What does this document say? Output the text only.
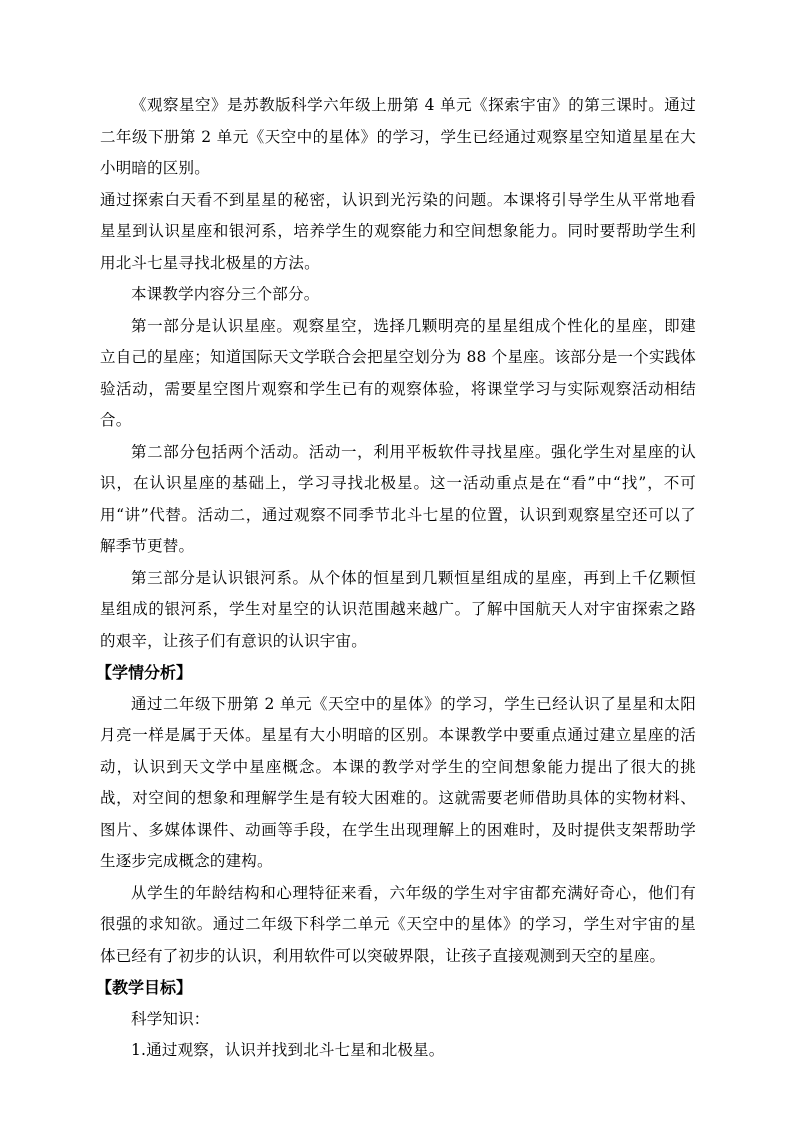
《观察星空》是苏教版科学六年级上册第 4 单元《探索宇宙》的第三课时。通过二年级下册第 2 单元《天空中的星体》的学习，学生已经通过观察星空知道星星在大小明暗的区别。

通过探索白天看不到星星的秘密，认识到光污染的问题。本课将引导学生从平常地看星星到认识星座和银河系，培养学生的观察能力和空间想象能力。同时要帮助学生利用北斗七星寻找北极星的方法。

本课教学内容分三个部分。

第一部分是认识星座。观察星空，选择几颗明亮的星星组成个性化的星座，即建立自己的星座；知道国际天文学联合会把星空划分为 88 个星座。该部分是一个实践体验活动，需要星空图片观察和学生已有的观察体验，将课堂学习与实际观察活动相结合。

第二部分包括两个活动。活动一，利用平板软件寻找星座。强化学生对星座的认识，在认识星座的基础上，学习寻找北极星。这一活动重点是在“看”中“找”，不可用“讲”代替。活动二，通过观察不同季节北斗七星的位置，认识到观察星空还可以了解季节更替。

第三部分是认识银河系。从个体的恒星到几颗恒星组成的星座，再到上千亿颗恒星组成的银河系，学生对星空的认识范围越来越广。了解中国航天人对宇宙探索之路的艰辛，让孩子们有意识的认识宇宙。

【学情分析】

通过二年级下册第 2 单元《天空中的星体》的学习，学生已经认识了星星和太阳月亮一样是属于天体。星星有大小明暗的区别。本课教学中要重点通过建立星座的活动，认识到天文学中星座概念。本课的教学对学生的空间想象能力提出了很大的挑战，对空间的想象和理解学生是有较大困难的。这就需要老师借助具体的实物材料、图片、多媒体课件、动画等手段，在学生出现理解上的困难时，及时提供支架帮助学生逐步完成概念的建构。

从学生的年龄结构和心理特征来看，六年级的学生对宇宙都充满好奇心，他们有很强的求知欲。通过二年级下科学二单元《天空中的星体》的学习，学生对宇宙的星体已经有了初步的认识，利用软件可以突破界限，让孩子直接观测到天空的星座。

【教学目标】

科学知识：

1.通过观察，认识并找到北斗七星和北极星。
